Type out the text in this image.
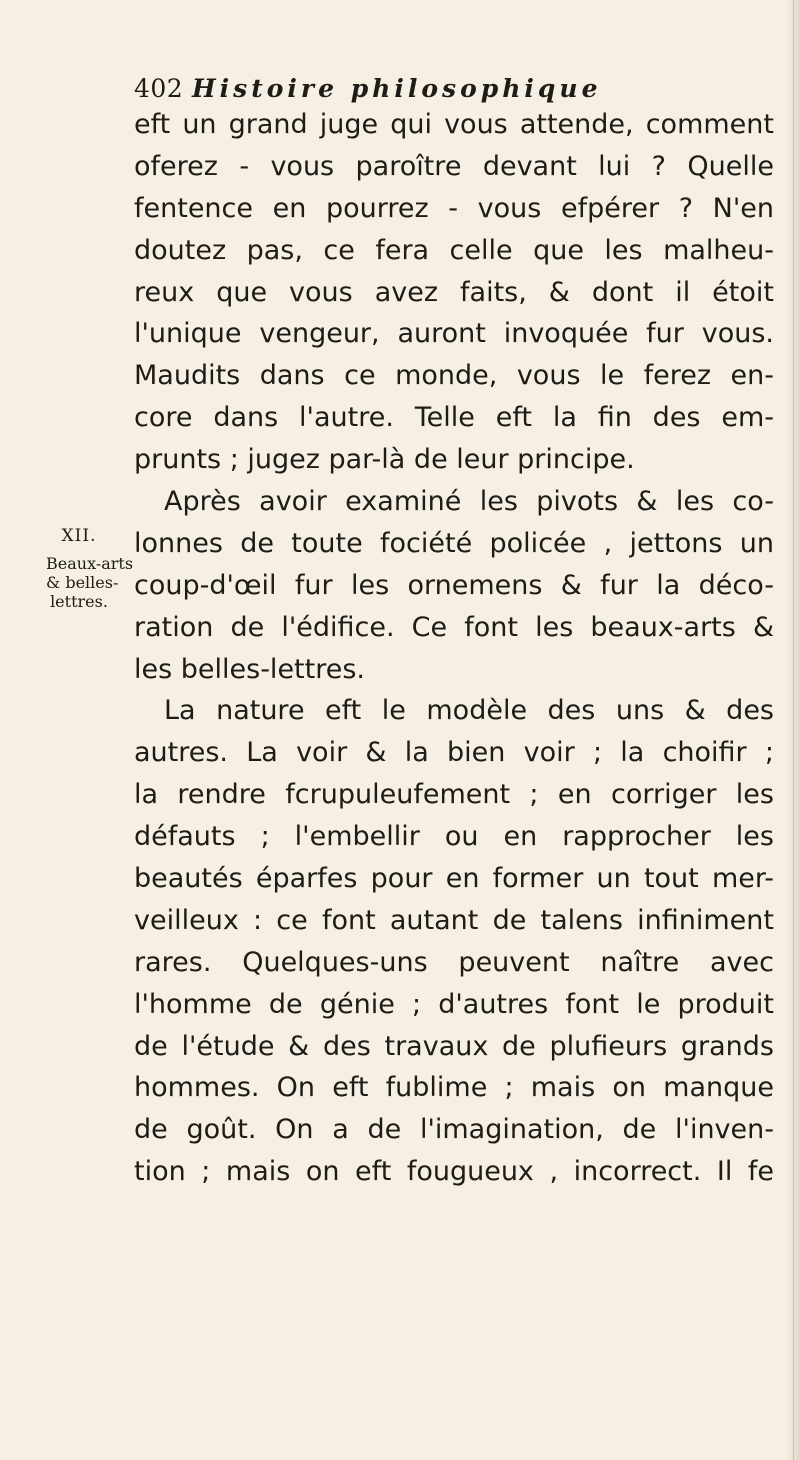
402 Histoire philosophique
XII.
Beaux-arts
& belles-
lettres.
eft un grand juge qui vous attende, comment
oferez - vous paroître devant lui ? Quelle
fentence en pourrez - vous efpérer ? N'en
doutez pas, ce fera celle que les malheu-
reux que vous avez faits, & dont il étoit
l'unique vengeur, auront invoquée fur vous.
Maudits dans ce monde, vous le ferez en-
core dans l'autre. Telle eft la fin des em-
prunts ; jugez par-là de leur principe.
Après avoir examiné les pivots & les co-
lonnes de toute fociété policée , jettons un
coup-d'œil fur les ornemens & fur la déco-
ration de l'édifice. Ce font les beaux-arts &
les belles-lettres.
La nature eft le modèle des uns & des
autres. La voir & la bien voir ; la choifir ;
la rendre fcrupuleufement ; en corriger les
défauts ; l'embellir ou en rapprocher les
beautés éparfes pour en former un tout mer-
veilleux : ce font autant de talens infiniment
rares. Quelques-uns peuvent naître avec
l'homme de génie ; d'autres font le produit
de l'étude & des travaux de plufieurs grands
hommes. On eft fublime ; mais on manque
de goût. On a de l'imagination, de l'inven-
tion ; mais on eft fougueux , incorrect. Il fe
